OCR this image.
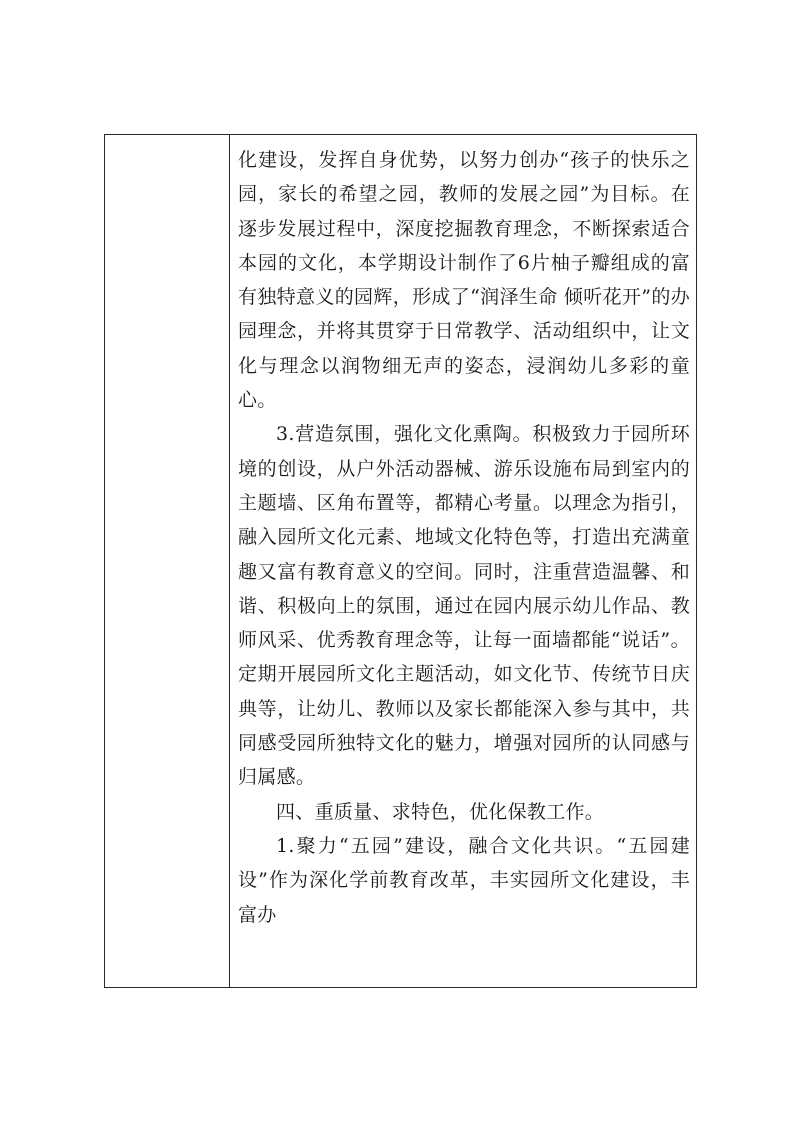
化建设，发挥自身优势，以努力创办“孩子的快乐之园，家长的希望之园，教师的发展之园”为目标。在逐步发展过程中，深度挖掘教育理念，不断探索适合本园的文化，本学期设计制作了6片柚子瓣组成的富有独特意义的园辉，形成了“润泽生命 倾听花开”的办园理念，并将其贯穿于日常教学、活动组织中，让文化与理念以润物细无声的姿态，浸润幼儿多彩的童心。

3.营造氛围，强化文化熏陶。积极致力于园所环境的创设，从户外活动器械、游乐设施布局到室内的主题墙、区角布置等，都精心考量。以理念为指引，融入园所文化元素、地域文化特色等，打造出充满童趣又富有教育意义的空间。同时，注重营造温馨、和谐、积极向上的氛围，通过在园内展示幼儿作品、教师风采、优秀教育理念等，让每一面墙都能“说话”。定期开展园所文化主题活动，如文化节、传统节日庆典等，让幼儿、教师以及家长都能深入参与其中，共同感受园所独特文化的魅力，增强对园所的认同感与归属感。

四、重质量、求特色，优化保教工作。

1.聚力“五园”建设，融合文化共识。“五园建设”作为深化学前教育改革，丰实园所文化建设，丰富办
